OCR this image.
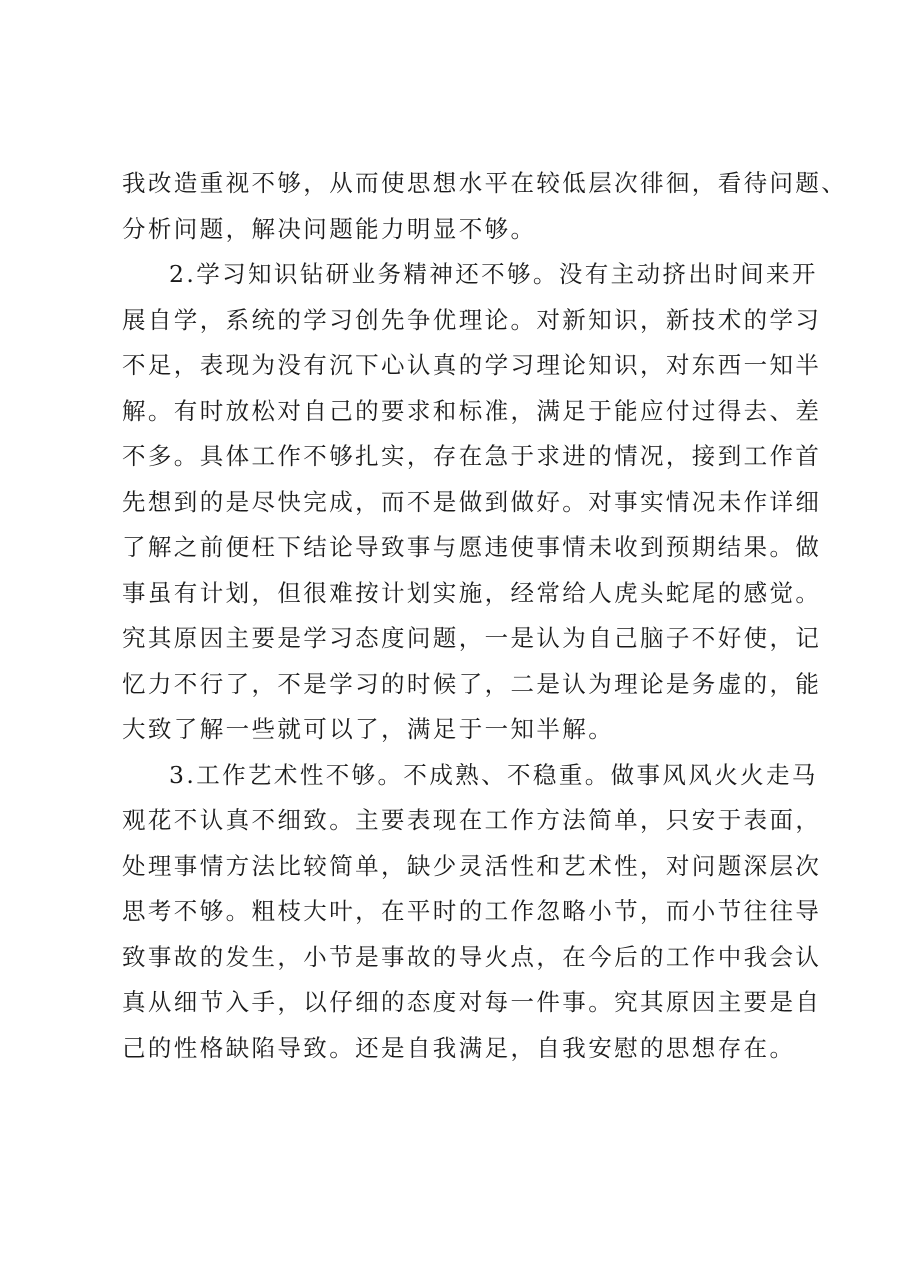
我改造重视不够，从而使思想水平在较低层次徘徊，看待问题、
分析问题，解决问题能力明显不够。
2.学习知识钻研业务精神还不够。没有主动挤出时间来开
展自学，系统的学习创先争优理论。对新知识，新技术的学习
不足，表现为没有沉下心认真的学习理论知识，对东西一知半
解。有时放松对自己的要求和标准，满足于能应付过得去、差
不多。具体工作不够扎实，存在急于求进的情况，接到工作首
先想到的是尽快完成，而不是做到做好。对事实情况未作详细
了解之前便枉下结论导致事与愿违使事情未收到预期结果。做
事虽有计划，但很难按计划实施，经常给人虎头蛇尾的感觉。
究其原因主要是学习态度问题，一是认为自己脑子不好使，记
忆力不行了，不是学习的时候了，二是认为理论是务虚的，能
大致了解一些就可以了，满足于一知半解。
3.工作艺术性不够。不成熟、不稳重。做事风风火火走马
观花不认真不细致。主要表现在工作方法简单，只安于表面，
处理事情方法比较简单，缺少灵活性和艺术性，对问题深层次
思考不够。粗枝大叶，在平时的工作忽略小节，而小节往往导
致事故的发生，小节是事故的导火点，在今后的工作中我会认
真从细节入手，以仔细的态度对每一件事。究其原因主要是自
己的性格缺陷导致。还是自我满足，自我安慰的思想存在。
